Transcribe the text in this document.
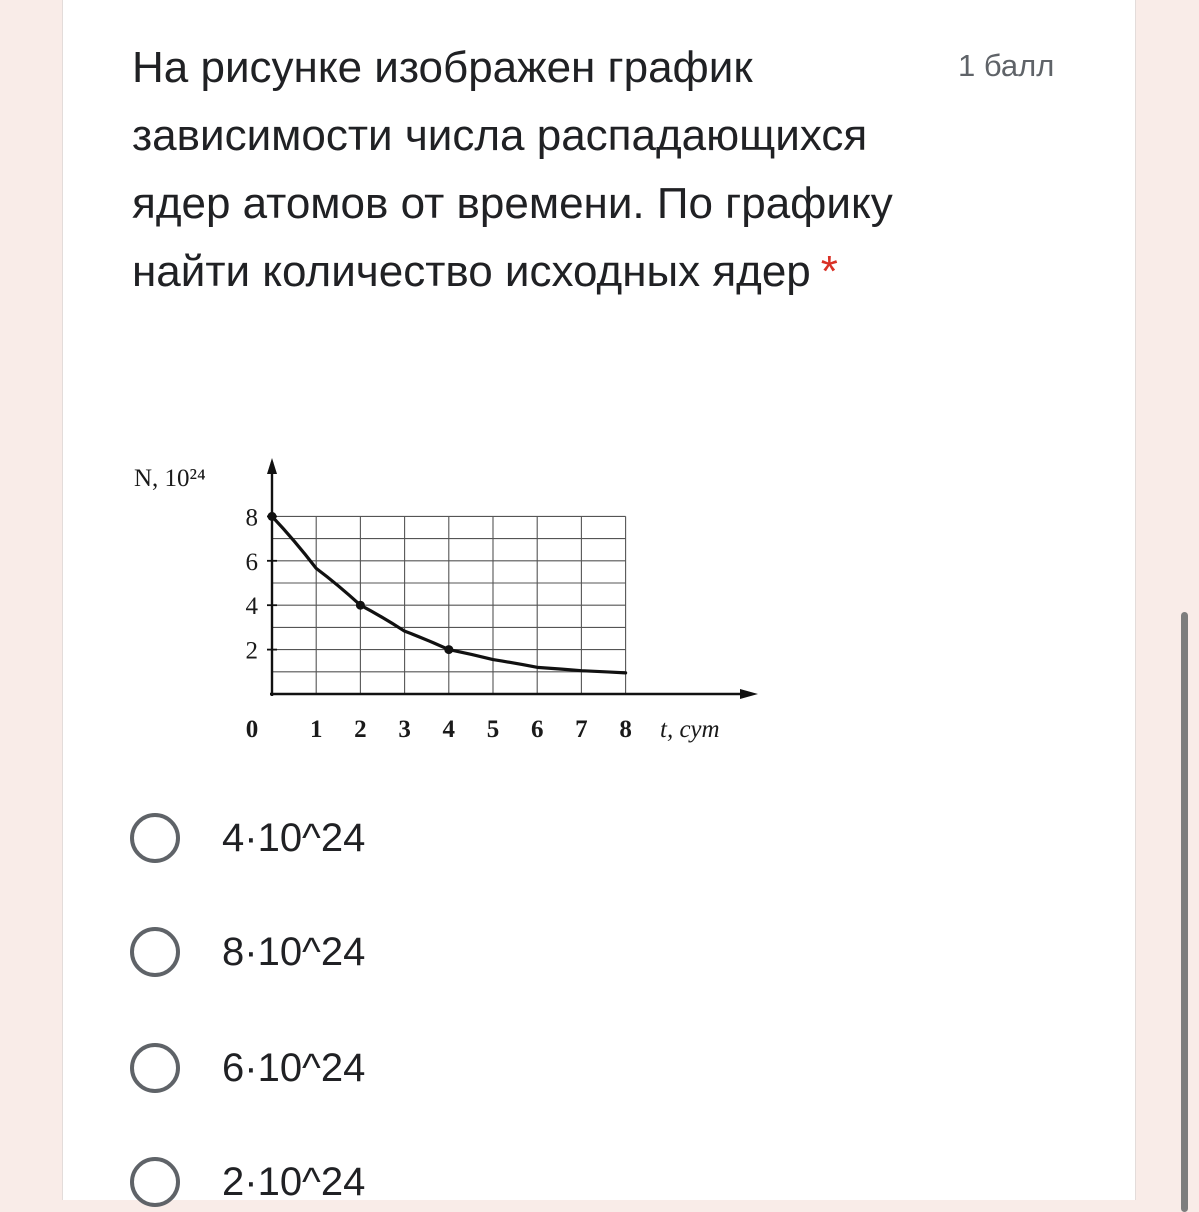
На рисунке изображен график зависимости числа распадающихся ядер атомов от времени. По графику найти количество исходных ядер *
1 балл
2
4
6
8
0 1 2 3 4 5 6 7 8
N, 10²⁴
t, сут
4·10^24
8·10^24
6·10^24
2·10^24
